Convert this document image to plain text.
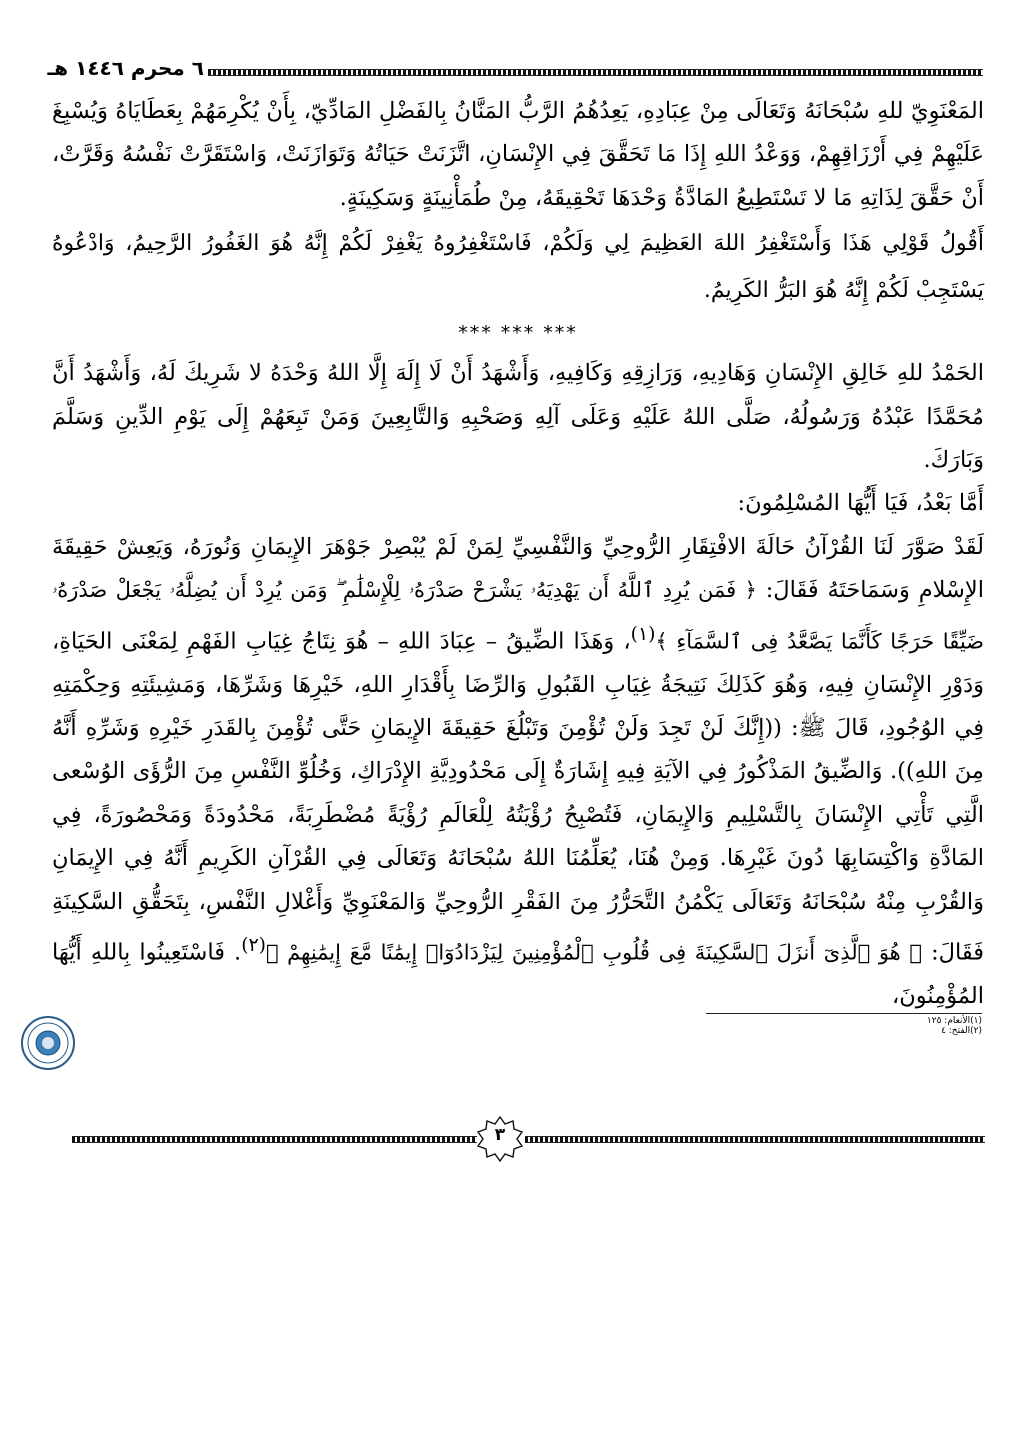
٦ محرم ١٤٤٦ هـ

المَعْنَوِيّ للهِ سُبْحَانَهُ وَتَعَالَى مِنْ عِبَادِهِ، يَعِدُهُمُ الرَّبُّ المَنَّانُ بِالفَضْلِ المَادِّيّ، بِأَنْ يُكْرِمَهُمْ بِعَطَايَاهُ وَيُسْبِغَ عَلَيْهِمْ فِي أَرْزَاقِهِمْ، وَوَعْدُ اللهِ إِذَا مَا تَحَقَّقَ فِي الإِنْسَانِ، اتَّزَنَتْ حَيَاتُهُ وَتَوَازَنَتْ، وَاسْتَقَرَّتْ نَفْسُهُ وَقَرَّتْ، أَنْ حَقَّقَ لِذَاتِهِ مَا لا تَسْتَطِيعُ المَادَّةُ وَحْدَهَا تَحْقِيقَهُ، مِنْ طُمَأْنِينَةٍ وَسَكِينَةٍ.

أَقُولُ قَوْلِي هَذَا وَأَسْتَغْفِرُ اللهَ العَظِيمَ لِي وَلَكُمْ، فَاسْتَغْفِرُوهُ يَغْفِرْ لَكُمْ إِنَّهُ هُوَ الغَفُورُ الرَّحِيمُ، وَادْعُوهُ يَسْتَجِبْ لَكُمْ إِنَّهُ هُوَ البَرُّ الكَرِيمُ.

*** *** ***

الحَمْدُ للهِ خَالِقِ الإِنْسَانِ وَهَادِيهِ، وَرَازِقِهِ وَكَافِيهِ، وَأَشْهَدُ أَنْ لَا إِلَهَ إِلَّا اللهُ وَحْدَهُ لا شَرِيكَ لَهُ، وَأَشْهَدُ أَنَّ مُحَمَّدًا عَبْدُهُ وَرَسُولُهُ، صَلَّى اللهُ عَلَيْهِ وَعَلَى آلِهِ وَصَحْبِهِ وَالتَّابِعِينَ وَمَنْ تَبِعَهُمْ إِلَى يَوْمِ الدِّينِ وَسَلَّمَ وَبَارَكَ.

أَمَّا بَعْدُ، فَيَا أَيُّهَا المُسْلِمُونَ:

لَقَدْ صَوَّرَ لَنَا القُرْآنُ حَالَةَ الافْتِقَارِ الرُّوحِيِّ وَالنَّفْسِيِّ لِمَنْ لَمْ يُبْصِرْ جَوْهَرَ الإِيمَانِ وَنُورَهُ، وَيَعِشْ حَقِيقَةَ الإِسْلامِ وَسَمَاحَتَهُ فَقَالَ: ﴿ فَمَن يُرِدِ ٱللَّهُ أَن يَهْدِيَهُۥ يَشْرَحْ صَدْرَهُۥ لِلْإِسْلَٰمِ ۖ وَمَن يُرِدْ أَن يُضِلَّهُۥ يَجْعَلْ صَدْرَهُۥ ضَيِّقًا حَرَجًا كَأَنَّمَا يَصَّعَّدُ فِى ٱلسَّمَآءِ ﴾$^{(١)}$، وَهَذَا الضِّيقُ – عِبَادَ اللهِ – هُوَ نِتَاجُ غِيَابِ الفَهْمِ لِمَعْنَى الحَيَاةِ، وَدَوْرِ الإِنْسَانِ فِيهِ، وَهُوَ كَذَلِكَ نَتِيجَةُ غِيَابِ القَبُولِ وَالرِّضَا بِأَقْدَارِ اللهِ، خَيْرِهَا وَشَرِّهَا، وَمَشِيئَتِهِ وَحِكْمَتِهِ فِي الوُجُودِ، قَالَ ﷺ: ((إِنَّكَ لَنْ تَجِدَ وَلَنْ تُؤْمِنَ وَتَبْلُغَ حَقِيقَةَ الإِيمَانِ حَتَّى تُؤْمِنَ بِالقَدَرِ خَيْرِهِ وَشَرِّهِ أَنَّهُ مِنَ اللهِ)). وَالضِّيقُ المَذْكُورُ فِي الآيَةِ فِيهِ إِشَارَةٌ إِلَى مَحْدُودِيَّةِ الإِدْرَاكِ، وَخُلُوِّ النَّفْسِ مِنَ الرُّؤَى الوُسْعى الَّتِي تَأْتِي الإِنْسَانَ بِالتَّسْلِيمِ وَالإِيمَانِ، فَتُصْبِحُ رُؤْيَتُهُ لِلْعَالَمِ رُؤْيَةً مُضْطَرِبَةً، مَحْدُودَةً وَمَحْصُورَةً، فِي المَادَّةِ وَاكْتِسَابِهَا دُونَ غَيْرِهَا. وَمِنْ هُنَا، يُعَلِّمُنَا اللهُ سُبْحَانَهُ وَتَعَالَى فِي القُرْآنِ الكَرِيمِ أَنَّهُ فِي الإِيمَانِ وَالقُرْبِ مِنْهُ سُبْحَانَهُ وَتَعَالَى يَكْمُنُ التَّحَرُّرُ مِنَ الفَقْرِ الرُّوحِيِّ وَالمَعْنَوِيِّ وَأَغْلالِ النَّفْسِ، بِتَحَقُّقِ السَّكِينَةِ فَقَالَ: ﴿ هُوَ ٱلَّذِىٓ أَنزَلَ ٱلسَّكِينَةَ فِى قُلُوبِ ٱلْمُؤْمِنِينَ لِيَزْدَادُوٓا۟ إِيمَٰنًا مَّعَ إِيمَٰنِهِمْ ﴾$^{(٢)}$. فَاسْتَعِينُوا بِاللهِ أَيُّهَا المُؤْمِنُونَ،

(١)الأنعام: ١٢٥
(٢)الفتح: ٤
٣
